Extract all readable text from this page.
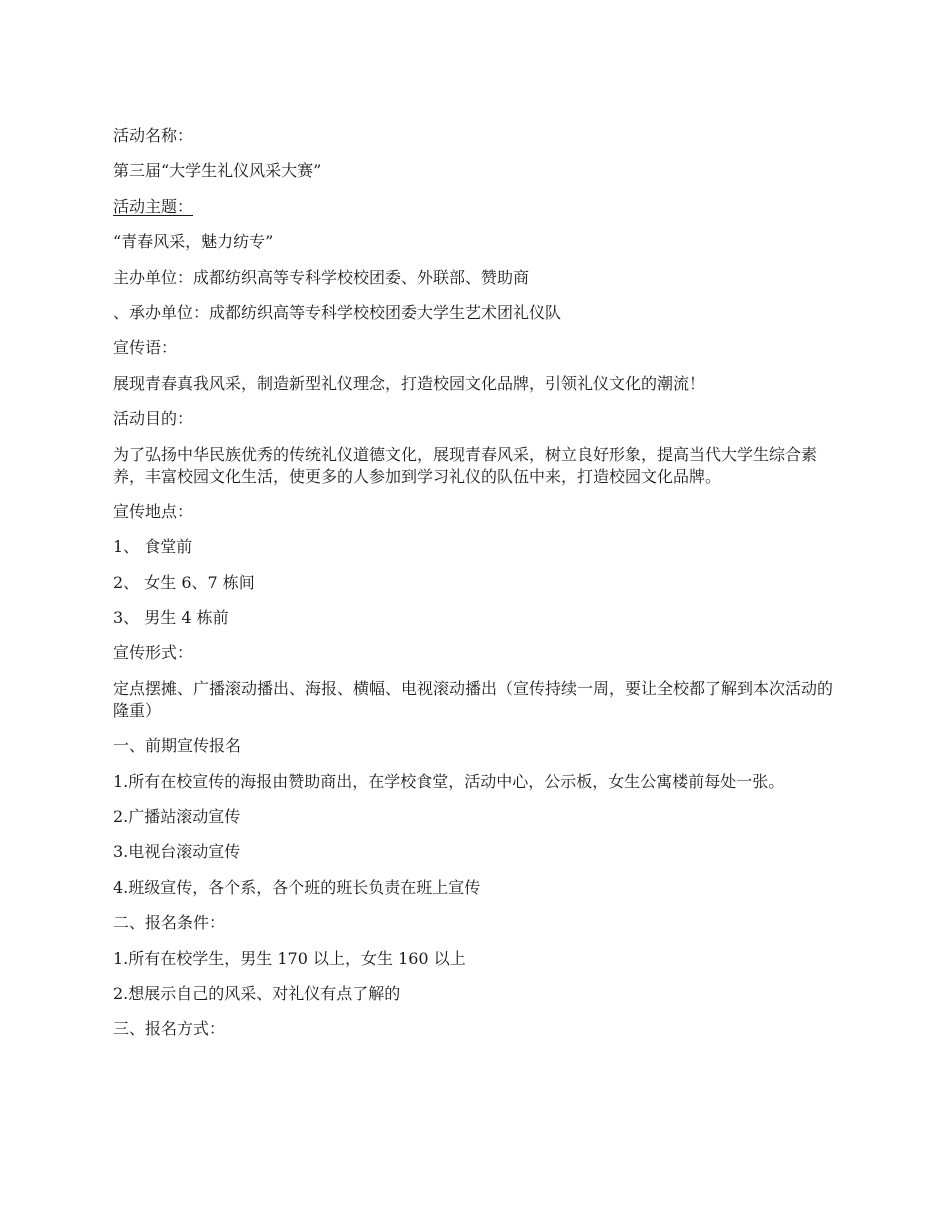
活动名称：

第三届“大学生礼仪风采大赛”

活动主题：

“青春风采，魅力纺专”

主办单位：成都纺织高等专科学校校团委、外联部、赞助商

、承办单位：成都纺织高等专科学校校团委大学生艺术团礼仪队

宣传语：

展现青春真我风采，制造新型礼仪理念，打造校园文化品牌，引领礼仪文化的潮流！

活动目的：

为了弘扬中华民族优秀的传统礼仪道德文化，展现青春风采，树立良好形象，提高当代大学生综合素养，丰富校园文化生活，使更多的人参加到学习礼仪的队伍中来，打造校园文化品牌。

宣传地点：

1、 食堂前

2、 女生 6、7 栋间

3、 男生 4 栋前

宣传形式：

定点摆摊、广播滚动播出、海报、横幅、电视滚动播出（宣传持续一周，要让全校都了解到本次活动的隆重）

一、前期宣传报名

1.所有在校宣传的海报由赞助商出，在学校食堂，活动中心，公示板，女生公寓楼前每处一张。

2.广播站滚动宣传

3.电视台滚动宣传

4.班级宣传，各个系，各个班的班长负责在班上宣传

二、报名条件：

1.所有在校学生，男生 170 以上，女生 160 以上

2.想展示自己的风采、对礼仪有点了解的

三、报名方式：
